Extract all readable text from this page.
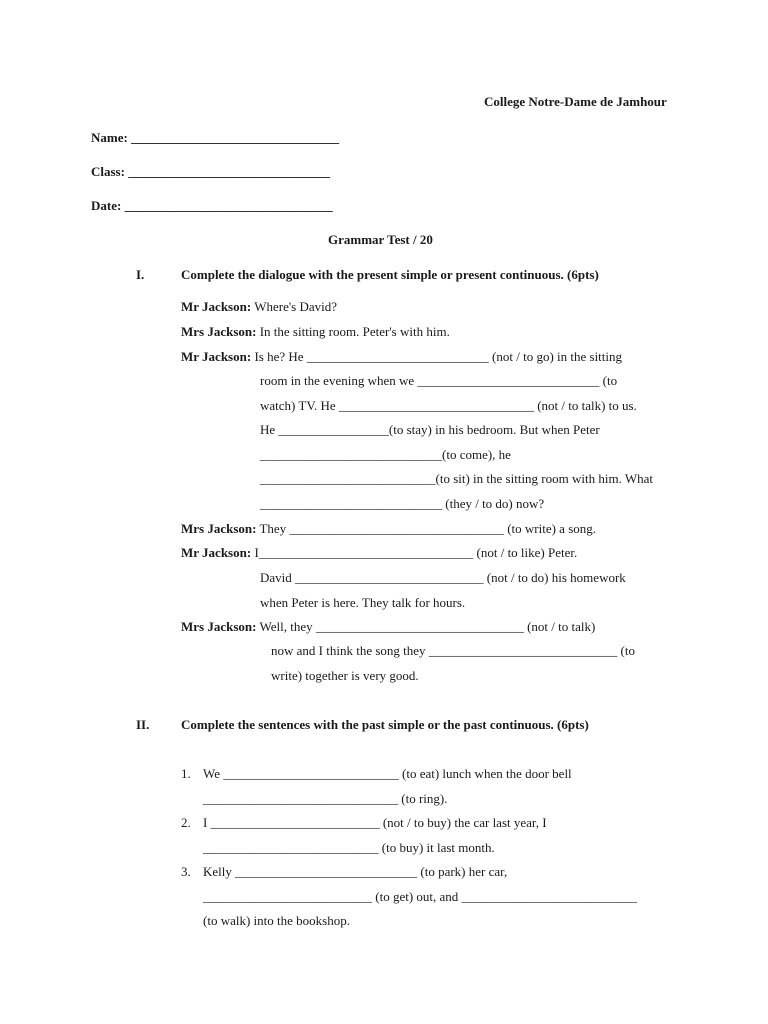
College Notre-Dame de Jamhour
Name: _________________________________
Class: ________________________________
Date: _________________________________
Grammar Test / 20
I.	Complete the dialogue with the present simple or present continuous. (6pts)
Mr Jackson: Where's David?
Mrs Jackson: In the sitting room. Peter's with him.
Mr Jackson: Is he? He ____________________________ (not / to go) in the sitting
room in the evening when we ____________________________ (to
watch) TV. He ______________________________ (not / to talk) to us.
He _________________(to stay) in his bedroom. But when Peter
____________________________(to come), he
___________________________(to sit) in the sitting room with him. What
____________________________ (they / to do) now?
Mrs Jackson: They _________________________________ (to write) a song.
Mr Jackson: I_________________________________ (not / to like) Peter.
David _____________________________ (not / to do) his homework
when Peter is here. They talk for hours.
Mrs Jackson: Well, they ________________________________ (not / to talk)
now and I think the song they _____________________________ (to
write) together is very good.
II. Complete the sentences with the past simple or the past continuous. (6pts)
1. We ___________________________ (to eat) lunch when the door bell
______________________________ (to ring).
2. I __________________________ (not / to buy) the car last year, I
___________________________ (to buy) it last month.
3. Kelly ____________________________ (to park) her car,
__________________________ (to get) out, and ___________________________
(to walk) into the bookshop.
